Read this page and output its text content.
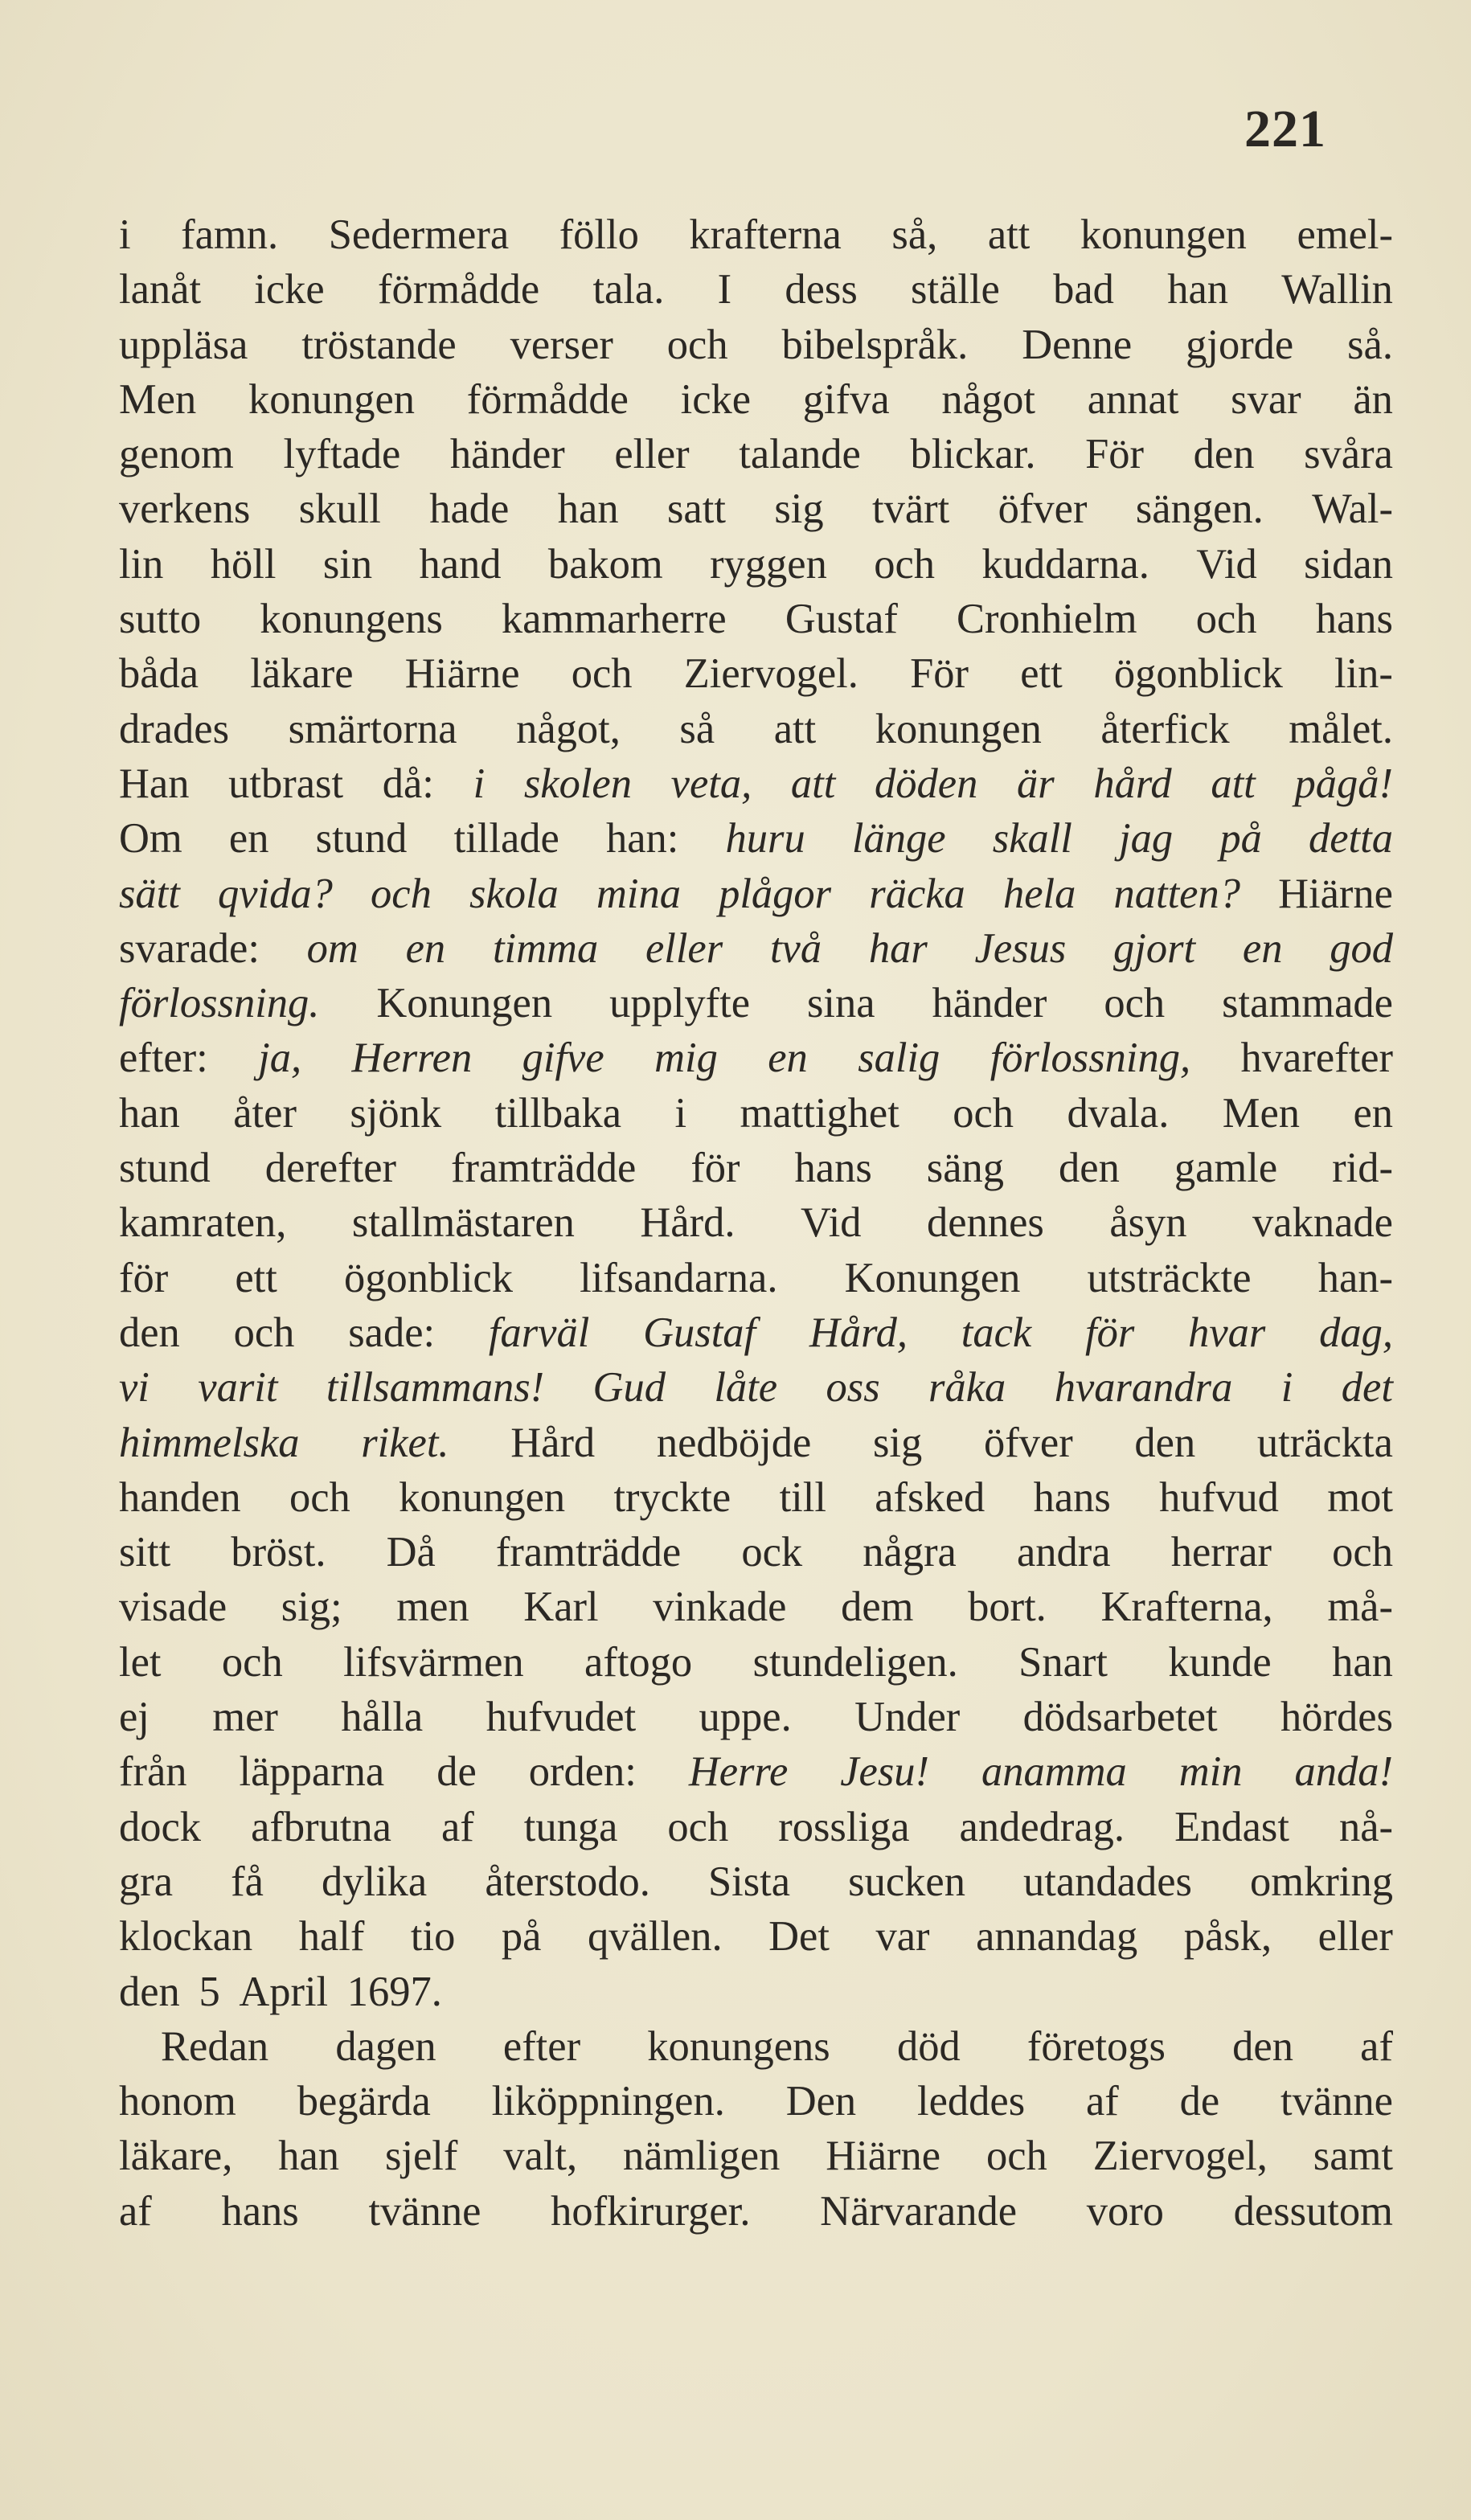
221
i famn. Sedermera föllo krafterna så, att konungen emel-
lanåt icke förmådde tala. I dess ställe bad han Wallin
uppläsa tröstande verser och bibelspråk. Denne gjorde så.
Men konungen förmådde icke gifva något annat svar än
genom lyftade händer eller talande blickar. För den svåra
verkens skull hade han satt sig tvärt öfver sängen. Wal-
lin höll sin hand bakom ryggen och kuddarna. Vid sidan
sutto konungens kammarherre Gustaf Cronhielm och hans
båda läkare Hiärne och Ziervogel. För ett ögonblick lin-
drades smärtorna något, så att konungen återfick målet.
Han utbrast då: i skolen veta, att döden är hård att pågå!
Om en stund tillade han: huru länge skall jag på detta
sätt qvida? och skola mina plågor räcka hela natten? Hiärne
svarade: om en timma eller två har Jesus gjort en god
förlossning. Konungen upplyfte sina händer och stammade
efter: ja, Herren gifve mig en salig förlossning, hvarefter
han åter sjönk tillbaka i mattighet och dvala. Men en
stund derefter framträdde för hans säng den gamle rid-
kamraten, stallmästaren Hård. Vid dennes åsyn vaknade
för ett ögonblick lifsandarna. Konungen utsträckte han-
den och sade: farväl Gustaf Hård, tack för hvar dag,
vi varit tillsammans! Gud låte oss råka hvarandra i det
himmelska riket. Hård nedböjde sig öfver den uträckta
handen och konungen tryckte till afsked hans hufvud mot
sitt bröst. Då framträdde ock några andra herrar och
visade sig; men Karl vinkade dem bort. Krafterna, må-
let och lifsvärmen aftogo stundeligen. Snart kunde han
ej mer hålla hufvudet uppe. Under dödsarbetet hördes
från läpparna de orden: Herre Jesu! anamma min anda!
dock afbrutna af tunga och rossliga andedrag. Endast nå-
gra få dylika återstodo. Sista sucken utandades omkring
klockan half tio på qvällen. Det var annandag påsk, eller
den 5 April 1697.
Redan dagen efter konungens död företogs den af
honom begärda liköppningen. Den leddes af de tvänne
läkare, han sjelf valt, nämligen Hiärne och Ziervogel, samt
af hans tvänne hofkirurger. Närvarande voro dessutom
